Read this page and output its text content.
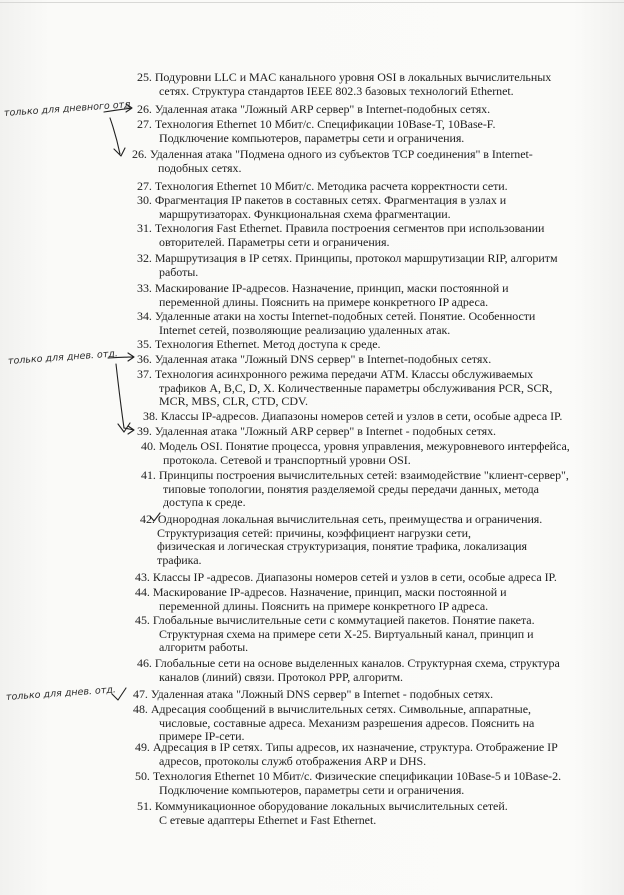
25. Подуровни LLC и MAC канального уровня OSI в локальных вычислительных
сетях. Структура стандартов IEEE 802.3 базовых технологий Ethernet.
26. Удаленная атака "Ложный ARP сервер" в Internet-подобных сетях.
27. Технология Ethernet 10 Мбит/с. Спецификации 10Base-T, 10Base-F.
Подключение компьютеров, параметры сети и ограничения.
26. Удаленная атака "Подмена одного из субъектов TCP соединения" в Internet-
подобных сетях.
27. Технология Ethernet 10 Мбит/с. Методика расчета корректности сети.
30. Фрагментация IP пакетов в составных сетях. Фрагментация в узлах и
маршрутизаторах. Функциональная схема фрагментации.
31. Технология Fast Ethernet. Правила построения сегментов при использовании
овторителей. Параметры сети и ограничения.
32. Маршрутизация в IP сетях. Принципы, протокол маршрутизации RIP, алгоритм
работы.
33. Маскирование IP-адресов. Назначение, принцип, маски постоянной и
переменной длины. Пояснить на примере конкретного IP адреса.
34. Удаленные атаки на хосты Internet-подобных сетей. Понятие. Особенности
Internet сетей, позволяющие реализацию удаленных атак.
35. Технология Ethernet. Метод доступа к среде.
36. Удаленная атака "Ложный DNS сервер" в Internet-подобных сетях.
37. Технология асинхронного режима передачи ATM. Классы обслуживаемых
трафиков A, B,C, D, X. Количественные параметры обслуживания PCR, SCR,
MCR, MBS, CLR, CTD, CDV.
38. Классы IP-адресов. Диапазоны номеров сетей и узлов в сети, особые адреса IP.
39. Удаленная атака "Ложный ARP сервер" в Internet - подобных сетях.
40. Модель OSI. Понятие процесса, уровня управления, межуровневого интерфейса,
протокола. Сетевой и транспортный уровни OSI.
41. Принципы построения вычислительных сетей: взаимодействие "клиент-сервер",
типовые топологии, понятия разделяемой среды передачи данных, метода
доступа к среде.
42. Однородная локальная вычислительная сеть, преимущества и ограничения.
Структуризация сетей: причины, коэффициент нагрузки сети,
физическая и логическая структуризация, понятие трафика, локализация
трафика.
43. Классы IP -адресов. Диапазоны номеров сетей и узлов в сети, особые адреса IP.
44. Маскирование IP-адресов. Назначение, принцип, маски постоянной и
переменной длины. Пояснить на примере конкретного IP адреса.
45. Глобальные вычислительные сети с коммутацией пакетов. Понятие пакета.
Структурная схема на примере сети X-25. Виртуальный канал, принцип и
алгоритм работы.
46. Глобальные сети на основе выделенных каналов. Структурная схема, структура
каналов (линий) связи. Протокол PPP, алгоритм.
47. Удаленная атака "Ложный DNS сервер" в Internet - подобных сетях.
48. Адресация сообщений в вычислительных сетях. Символьные, аппаратные,
числовые, составные адреса. Механизм разрешения адресов. Пояснить на
примере IP-сети.
49. Адресация в IP сетях. Типы адресов, их назначение, структура. Отображение IP
адресов, протоколы служб отображения ARP и DHS.
50. Технология Ethernet 10 Мбит/с. Физические спецификации 10Base-5 и 10Base-2.
Подключение компьютеров, параметры сети и ограничения.
51. Коммуникационное оборудование локальных вычислительных сетей.
С етевые адаптеры Ethernet и Fast Ethernet.
только для дневного отд
только для днев. отд.
только для днев. отд.
